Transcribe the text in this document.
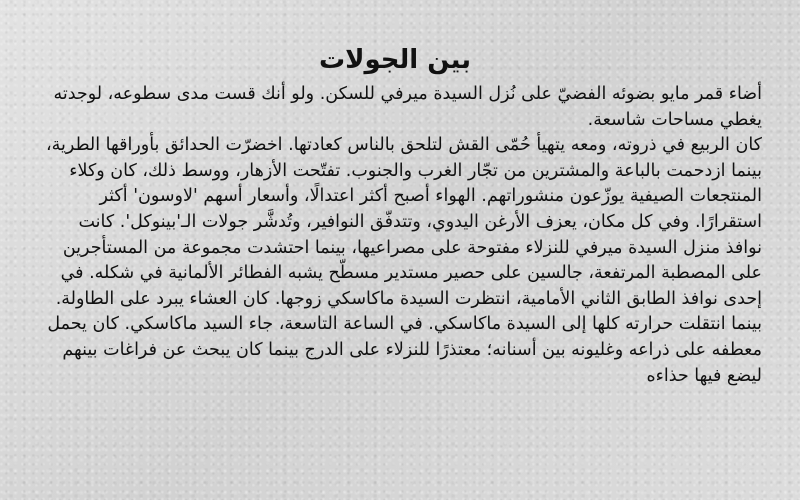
بين الجولات

أضاء قمر مايو بضوئه الفضيّ على نُزل السيدة ميرفي للسكن. ولو أنك قست مدى سطوعه، لوجدته يغطي مساحات شاسعة.

كان الربيع في ذروته، ومعه يتهيأ حُمّى القش لتلحق بالناس كعادتها. اخضرّت الحدائق بأوراقها الطرية، بينما ازدحمت بالباعة والمشترين من تجّار الغرب والجنوب. تفتّحت الأزهار، ووسط ذلك، كان وكلاء المنتجعات الصيفية يوزّعون منشوراتهم. الهواء أصبح أكثر اعتدالًا، وأسعار أسهم 'لاوسون' أكثر استقرارًا. وفي كل مكان، يعزف الأرغن اليدوي، وتتدفّق النوافير، وتُدشَّر جولات الـ'بينوكل'. كانت نوافذ منزل السيدة ميرفي للنزلاء مفتوحة على مصراعيها، بينما احتشدت مجموعة من المستأجرين على المصطبة المرتفعة، جالسين على حصير مستدير مسطّح يشبه الفطائر الألمانية في شكله. في إحدى نوافذ الطابق الثاني الأمامية، انتظرت السيدة ماكاسكي زوجها. كان العشاء يبرد على الطاولة. بينما انتقلت حرارته كلها إلى السيدة ماكاسكي. في الساعة التاسعة، جاء السيد ماكاسكي. كان يحمل معطفه على ذراعه وغليونه بين أسنانه؛ معتذرًا للنزلاء على الدرج بينما كان يبحث عن فراغات بينهم ليضع فيها حذاءه
